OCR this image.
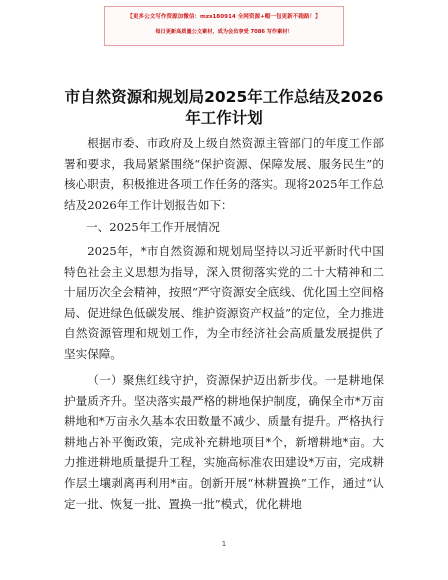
【更多公文写作资源加微信：mzs180914 全网资源+帽一包更新不跑路！】
每日更新高质量公文素材，成为会员享受 7086 写作素材！
市自然资源和规划局2025年工作总结及2026
年工作计划
根据市委、市政府及上级自然资源主管部门的年度工作部署和要求，我局紧紧围绕“保护资源、保障发展、服务民生”的核心职责，积极推进各项工作任务的落实。现将2025年工作总结及2026年工作计划报告如下：
一、2025年工作开展情况
2025年，*市自然资源和规划局坚持以习近平新时代中国特色社会主义思想为指导，深入贯彻落实党的二十大精神和二十届历次全会精神，按照“严守资源安全底线、优化国土空间格局、促进绿色低碳发展、维护资源资产权益”的定位，全力推进自然资源管理和规划工作，为全市经济社会高质量发展提供了坚实保障。
（一）聚焦红线守护，资源保护迈出新步伐。一是耕地保护量质齐升。坚决落实最严格的耕地保护制度，确保全市*万亩耕地和*万亩永久基本农田数量不减少、质量有提升。严格执行耕地占补平衡政策，完成补充耕地项目*个，新增耕地*亩。大力推进耕地质量提升工程，实施高标准农田建设*万亩，完成耕作层土壤剥离再利用*亩。创新开展“林耕置换”工作，通过“认定一批、恢复一批、置换一批”模式，优化耕地
1
